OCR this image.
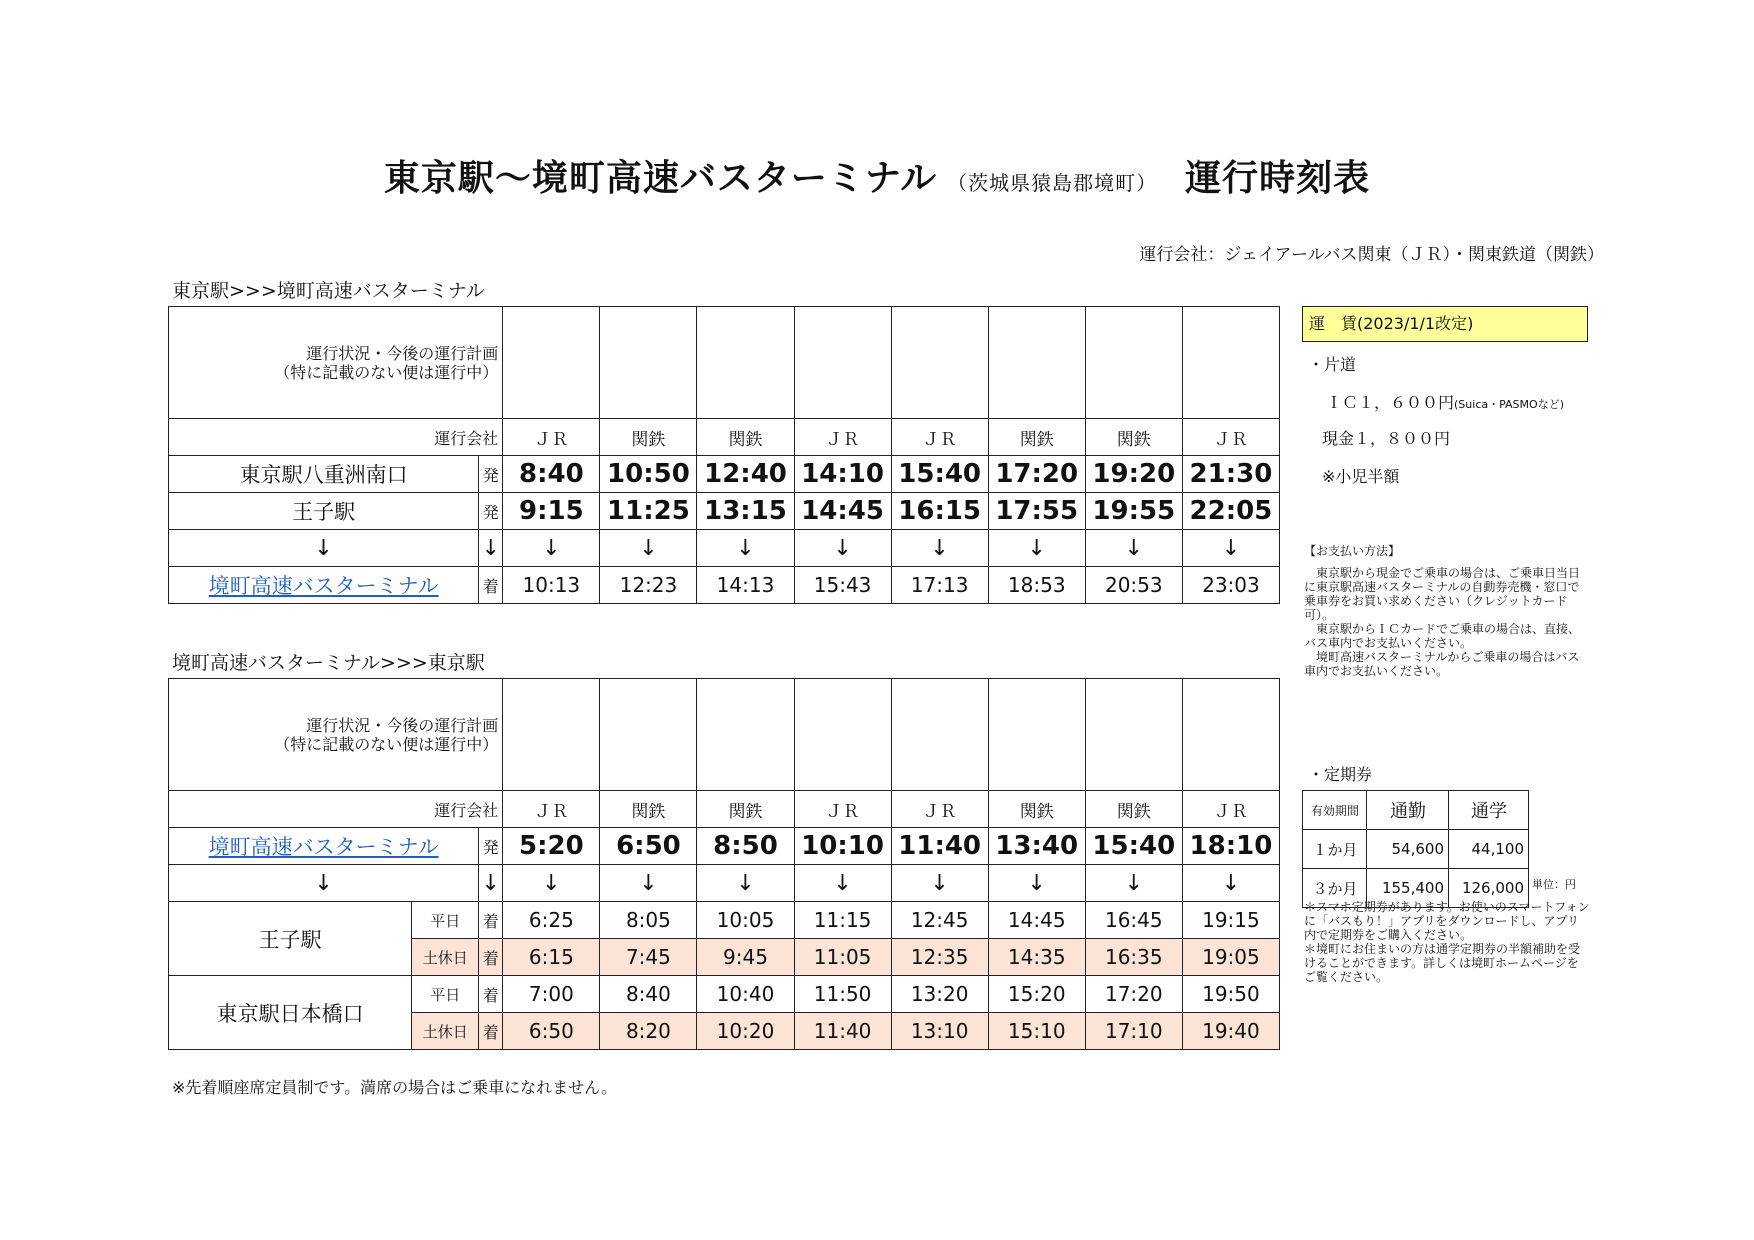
東京駅〜境町高速バスターミナル （茨城県猿島郡境町） 運行時刻表
運行会社：ジェイアールバス関東（ＪＲ）・関東鉄道（関鉄）
東京駅>>>境町高速バスターミナル
運行状況・今後の運行計画
（特に記載のない便は運行中）									

運行会社		ＪＲ	関鉄	関鉄	ＪＲ	ＪＲ	関鉄	関鉄	ＪＲ
東京駅八重洲南口	発	8:40	10:50	12:40	14:10	15:40	17:20	19:20	21:30
王子駅	発	9:15	11:25	13:15	14:45	16:15	17:55	19:55	22:05
↓	↓	↓	↓	↓	↓	↓	↓	↓	↓
境町高速バスターミナル	着	10:13	12:23	14:13	15:43	17:13	18:53	20:53	23:03
境町高速バスターミナル>>>東京駅
運行状況・今後の運行計画
（特に記載のない便は運行中）										

運行会社			ＪＲ	関鉄	関鉄	ＪＲ	ＪＲ	関鉄	関鉄	ＪＲ
境町高速バスターミナル		発	5:20	6:50	8:50	10:10	11:40	13:40	15:40	18:10
↓		↓	↓	↓	↓	↓	↓	↓	↓	↓
王子駅	平日	着	6:25	8:05	10:05	11:15	12:45	14:45	16:45	19:15
	土休日	着	6:15	7:45	9:45	11:05	12:35	14:35	16:35	19:05
東京駅日本橋口	平日	着	7:00	8:40	10:40	11:50	13:20	15:20	17:20	19:50
	土休日	着	6:50	8:20	10:20	11:40	13:10	15:10	17:10	19:40
運　賃(2023/1/1改定)
・片道
ＩＣ１，６００円(Suica・PASMOなど)
現金１，８００円
※小児半額
【お支払い方法】

　東京駅から現金でご乗車の場合は、ご乗車日当日に東京駅高速バスターミナルの自動券売機・窓口で乗車券をお買い求めください（クレジットカード可）。

　東京駅からＩＣカードでご乗車の場合は、直接、バス車内でお支払いください。

　境町高速バスターミナルからご乗車の場合はバス車内でお支払いください。

・定期券
有効期間	通勤	通学
１か月	54,600	44,100
３か月	155,400	126,000 単位：円

＊スマホ定期券があります。お使いのスマートフォンに「バスもり！」アプリをダウンロードし、アプリ内で定期券をご購入ください。

＊境町にお住まいの方は通学定期券の半額補助を受けることができます。詳しくは境町ホームページをご覧ください。

※先着順座席定員制です。満席の場合はご乗車になれません。
